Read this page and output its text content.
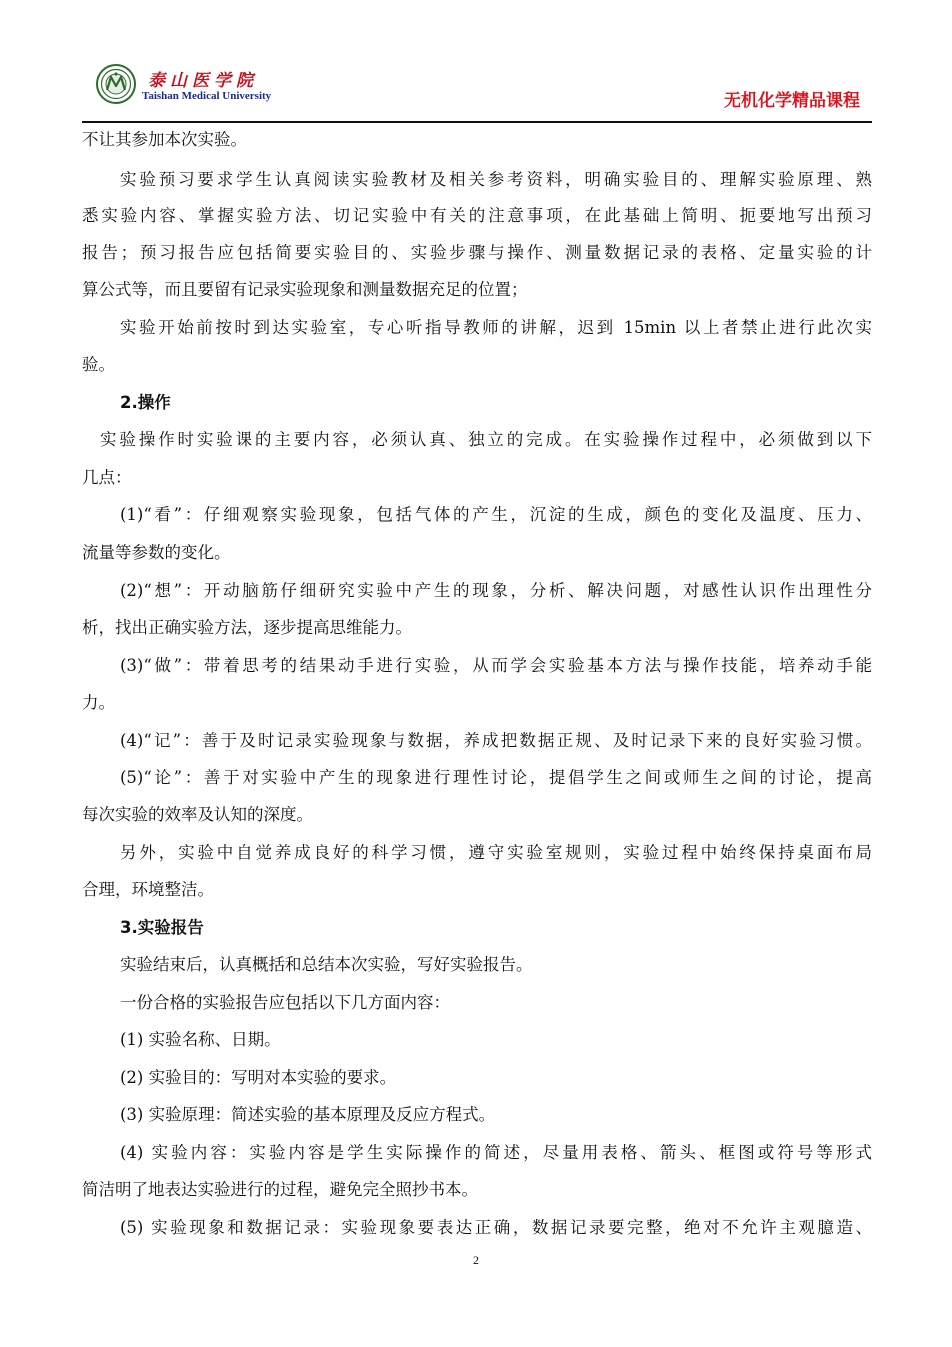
泰山医学院
Taishan Medical University	无机化学精品课程
不让其参加本次实验。
实验预习要求学生认真阅读实验教材及相关参考资料，明确实验目的、理解实验原理、熟
悉实验内容、掌握实验方法、切记实验中有关的注意事项，在此基础上简明、扼要地写出预习
报告；预习报告应包括简要实验目的、实验步骤与操作、测量数据记录的表格、定量实验的计
算公式等，而且要留有记录实验现象和测量数据充足的位置；
实验开始前按时到达实验室，专心听指导教师的讲解，迟到 15min 以上者禁止进行此次实
验。
2.操作
实验操作时实验课的主要内容，必须认真、独立的完成。在实验操作过程中，必须做到以下
几点：
(1)“看”：仔细观察实验现象，包括气体的产生，沉淀的生成，颜色的变化及温度、压力、
流量等参数的变化。
(2)“想”：开动脑筋仔细研究实验中产生的现象，分析、解决问题，对感性认识作出理性分
析，找出正确实验方法，逐步提高思维能力。
(3)“做”：带着思考的结果动手进行实验，从而学会实验基本方法与操作技能，培养动手能
力。
(4)“记”：善于及时记录实验现象与数据，养成把数据正规、及时记录下来的良好实验习惯。
(5)“论”：善于对实验中产生的现象进行理性讨论，提倡学生之间或师生之间的讨论，提高
每次实验的效率及认知的深度。
另外，实验中自觉养成良好的科学习惯，遵守实验室规则，实验过程中始终保持桌面布局
合理，环境整洁。
3.实验报告
实验结束后，认真概括和总结本次实验，写好实验报告。
一份合格的实验报告应包括以下几方面内容：
(1) 实验名称、日期。
(2) 实验目的：写明对本实验的要求。
(3) 实验原理：简述实验的基本原理及反应方程式。
(4) 实验内容：实验内容是学生实际操作的简述，尽量用表格、箭头、框图或符号等形式
简洁明了地表达实验进行的过程，避免完全照抄书本。
(5) 实验现象和数据记录：实验现象要表达正确，数据记录要完整，绝对不允许主观臆造、
2
